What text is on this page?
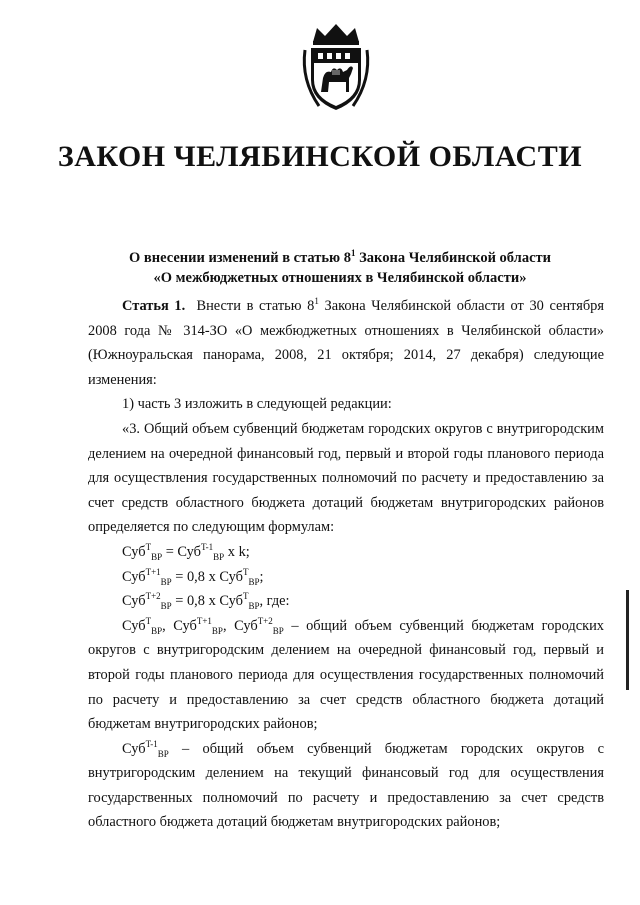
ЗАКОН ЧЕЛЯБИНСКОЙ ОБЛАСТИ
О внесении изменений в статью $8^1$ Закона Челябинской области
«О межбюджетных отношениях в Челябинской области»

Статья 1. Внести в статью $8^1$ Закона Челябинской области от 30 сентября 2008 года № 314-ЗО «О межбюджетных отношениях в Челябинской области» (Южноуральская панорама, 2008, 21 октября; 2014, 27 декабря) следующие изменения:

1) часть 3 изложить в следующей редакции:

«3. Общий объем субвенций бюджетам городских округов с внутригородским делением на очередной финансовый год, первый и второй годы планового периода для осуществления государственных полномочий по расчету и предоставлению за счет средств областного бюджета дотаций бюджетам внутригородских районов определяется по следующим формулам:

Суб$^T_{ВР}$ = Суб$^{T-1}_{ВР}$ x k;

Суб$^{T+1}_{ВР}$ = 0,8 x Суб$^T_{ВР}$;

Суб$^{T+2}_{ВР}$ = 0,8 x Суб$^T_{ВР}$, где:

Суб$^T_{ВР}$, Суб$^{T+1}_{ВР}$, Суб$^{T+2}_{ВР}$ – общий объем субвенций бюджетам городских округов с внутригородским делением на очередной финансовый год, первый и второй годы планового периода для осуществления государственных полномочий по расчету и предоставлению за счет средств областного бюджета дотаций бюджетам внутригородских районов;

Суб$^{T-1}_{ВР}$ – общий объем субвенций бюджетам городских округов с внутригородским делением на текущий финансовый год для осуществления государственных полномочий по расчету и предоставлению за счет средств областного бюджета дотаций бюджетам внутригородских районов;
